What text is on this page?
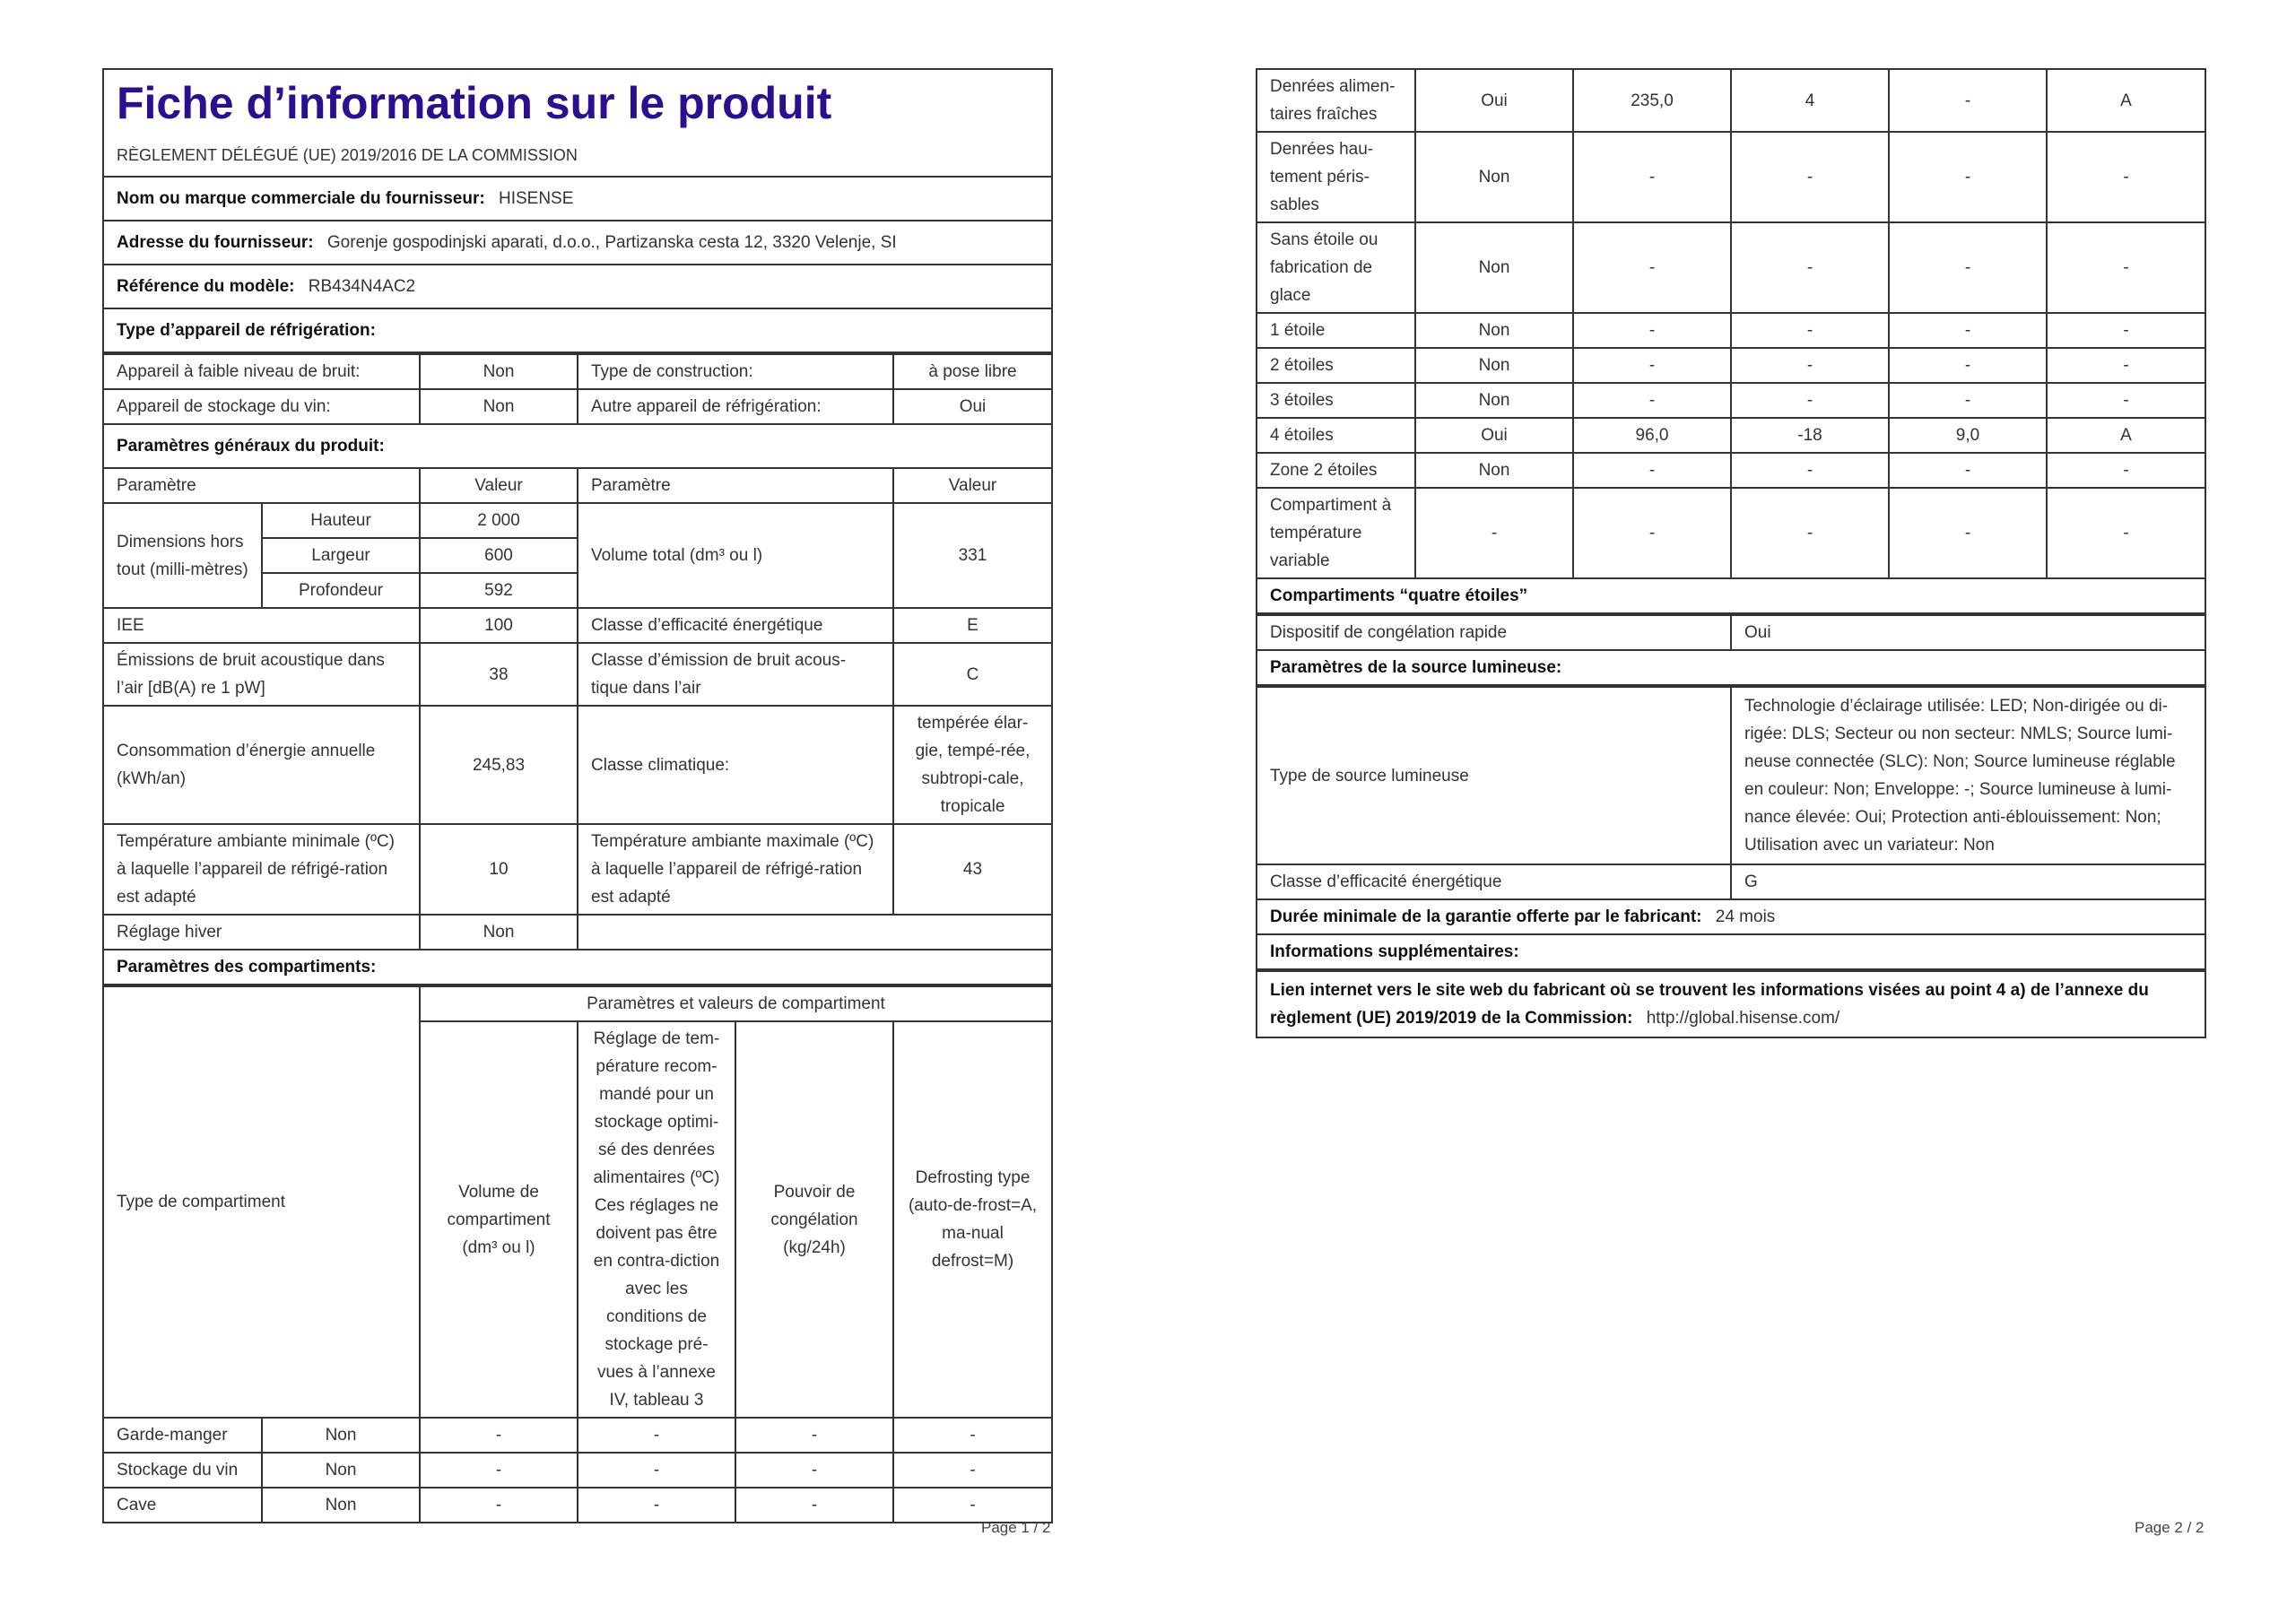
Fiche d’information sur le produit
RÈGLEMENT DÉLÉGUÉ (UE) 2019/2016 DE LA COMMISSION					

Nom ou marque commerciale du fournisseur: HISENSE					
Adresse du fournisseur: Gorenje gospodinjski aparati, d.o.o., Partizanska cesta 12, 3320 Velenje, SI					
Référence du modèle: RB434N4AC2					
Type d’appareil de réfrigération:					

Appareil à faible niveau de bruit:		Non	Type de construction:		à pose libre
Appareil de stockage du vin:		Non	Autre appareil de réfrigération:		Oui
Paramètres généraux du produit:					
Paramètre		Valeur	Paramètre		Valeur
Dimensions hors tout (milli-mètres)	Hauteur	2 000	Volume total (dm³ ou l)		331
	Largeur	600			
	Profondeur	592			
IEE		100	Classe d’efficacité énergétique		E
Émissions de bruit acoustique dans l’air [dB(A) re 1 pW]		38	Classe d’émission de bruit acous-tique dans l’air		C
Consommation d’énergie annuelle (kWh/an)		245,83	Classe climatique:		tempérée élar-gie, tempé-rée, subtropi-cale, tropicale
Température ambiante minimale (ºC) à laquelle l’appareil de réfrigé-ration est adapté		10	Température ambiante maximale (ºC) à laquelle l’appareil de réfrigé-ration est adapté		43
Réglage hiver		Non			
Paramètres des compartiments:					

Type de compartiment		Paramètres et valeurs de compartiment			
		Volume de compartiment (dm³ ou l)	Réglage de tem-pérature recom-mandé pour un stockage optimi-sé des denrées alimentaires (ºC) Ces réglages ne doivent pas être en contra-diction avec les conditions de stockage pré-vues à l’annexe IV, tableau 3	Pouvoir de congélation (kg/24h)	Defrosting type (auto-de-frost=A, ma-nual defrost=M)
Garde-manger	Non	-	-	-	-
Stockage du vin	Non	-	-	-	-
Cave	Non	-	-	-	-
Page 1 / 2
Denrées alimen-taires fraîches	Oui	235,0	4	-	A
Denrées hau-tement péris-sables	Non	-	-	-	-
Sans étoile ou fabrication de glace	Non	-	-	-	-
1 étoile	Non	-	-	-	-
2 étoiles	Non	-	-	-	-
3 étoiles	Non	-	-	-	-
4 étoiles	Oui	96,0	-18	9,0	A
Zone 2 étoiles	Non	-	-	-	-
Compartiment à température variable	-	-	-	-	-
Compartiments “quatre étoiles”					

Dispositif de congélation rapide			Oui		
Paramètres de la source lumineuse:					

Type de source lumineuse			Technologie d’éclairage utilisée: LED; Non-dirigée ou di-rigée: DLS; Secteur ou non secteur: NMLS; Source lumi-neuse connectée (SLC): Non; Source lumineuse réglable en couleur: Non; Enveloppe: -; Source lumineuse à lumi-nance élevée: Oui; Protection anti-éblouissement: Non; Utilisation avec un variateur: Non		
Classe d’efficacité énergétique			G		
Durée minimale de la garantie offerte par le fabricant: 24 mois					
Informations supplémentaires:					

Lien internet vers le site web du fabricant où se trouvent les informations visées au point 4 a) de l’annexe du règlement (UE) 2019/2019 de la Commission: http://global.hisense.com/					
Page 2 / 2
